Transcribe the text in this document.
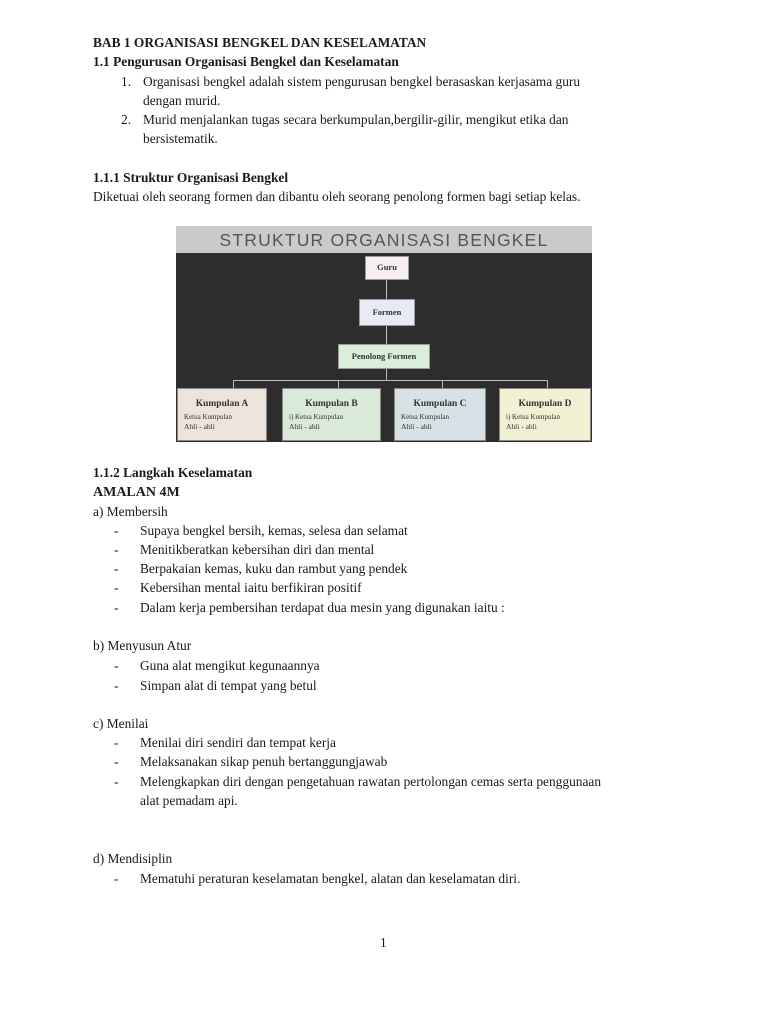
BAB 1 ORGANISASI BENGKEL DAN KESELAMATAN
1.1 Pengurusan Organisasi Bengkel dan Keselamatan
1. Organisasi bengkel adalah sistem pengurusan bengkel berasaskan kerjasama guru
dengan murid.
2. Murid menjalankan tugas secara berkumpulan,bergilir-gilir, mengikut etika dan
bersistematik.
1.1.1 Struktur Organisasi Bengkel
Diketuai oleh seorang formen dan dibantu oleh seorang penolong formen bagi setiap kelas.
STRUKTUR ORGANISASI BENGKEL
Guru
Formen
Penolong Formen
Kumpulan A
Ketua Kumpulan
Ahli - ahli
Kumpulan B
i) Ketua Kumpulan
Ahli - ahli
Kumpulan C
Ketua Kumpulan
Ahli - ahli
Kumpulan D
i) Ketua Kumpulan
Ahli - ahli
1.1.2 Langkah Keselamatan
AMALAN 4M
a) Membersih
- Supaya bengkel bersih, kemas, selesa dan selamat
- Menitikberatkan kebersihan diri dan mental
- Berpakaian kemas, kuku dan rambut yang pendek
- Kebersihan mental iaitu berfikiran positif
- Dalam kerja pembersihan terdapat dua mesin yang digunakan iaitu :
b) Menyusun Atur
- Guna alat mengikut kegunaannya
- Simpan alat di tempat yang betul
c) Menilai
- Menilai diri sendiri dan tempat kerja
- Melaksanakan sikap penuh bertanggungjawab
- Melengkapkan diri dengan pengetahuan rawatan pertolongan cemas serta penggunaan
alat pemadam api.
d) Mendisiplin
- Mematuhi peraturan keselamatan bengkel, alatan dan keselamatan diri.
1
